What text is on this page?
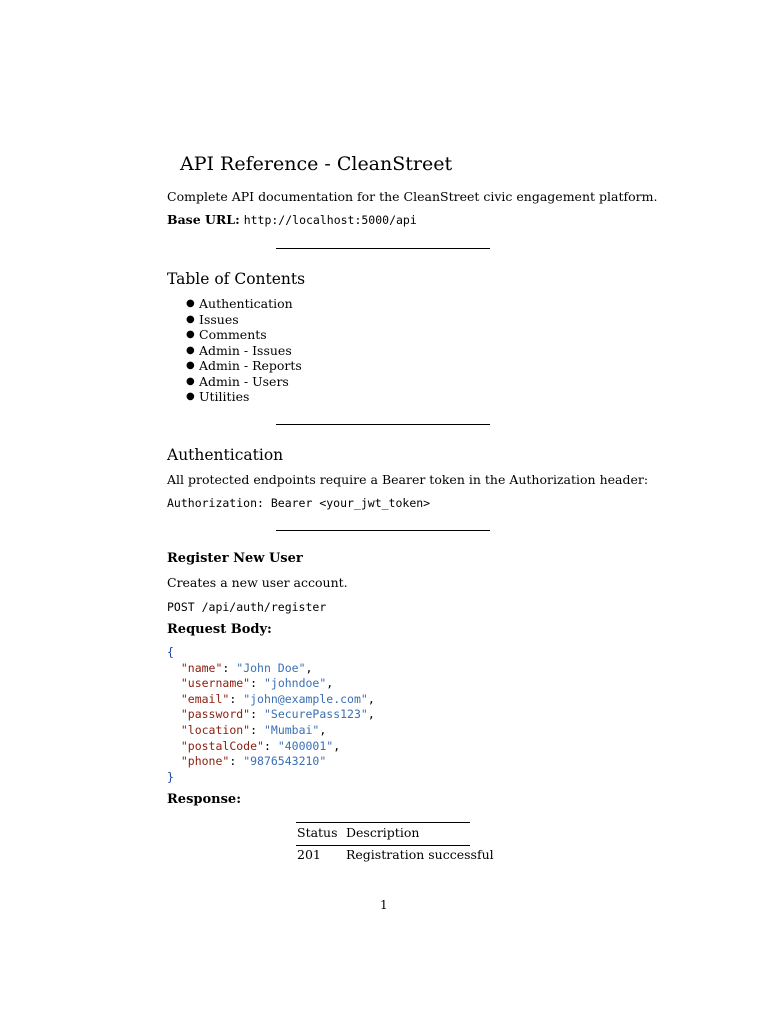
API Reference - CleanStreet
Complete API documentation for the CleanStreet civic engagement platform.
Base URL: http://localhost:5000/api
Table of Contents
● Authentication
● Issues
● Comments
● Admin - Issues
● Admin - Reports
● Admin - Users
● Utilities
Authentication
All protected endpoints require a Bearer token in the Authorization header:
Authorization: Bearer <your_jwt_token>
Register New User
Creates a new user account.
POST /api/auth/register
Request Body:
{
"name": "John Doe",
"username": "johndoe",
"email": "john@example.com",
"password": "SecurePass123",
"location": "Mumbai",
"postalCode": "400001",
"phone": "9876543210"
}
Response:
Status Description
201 Registration successful
1
